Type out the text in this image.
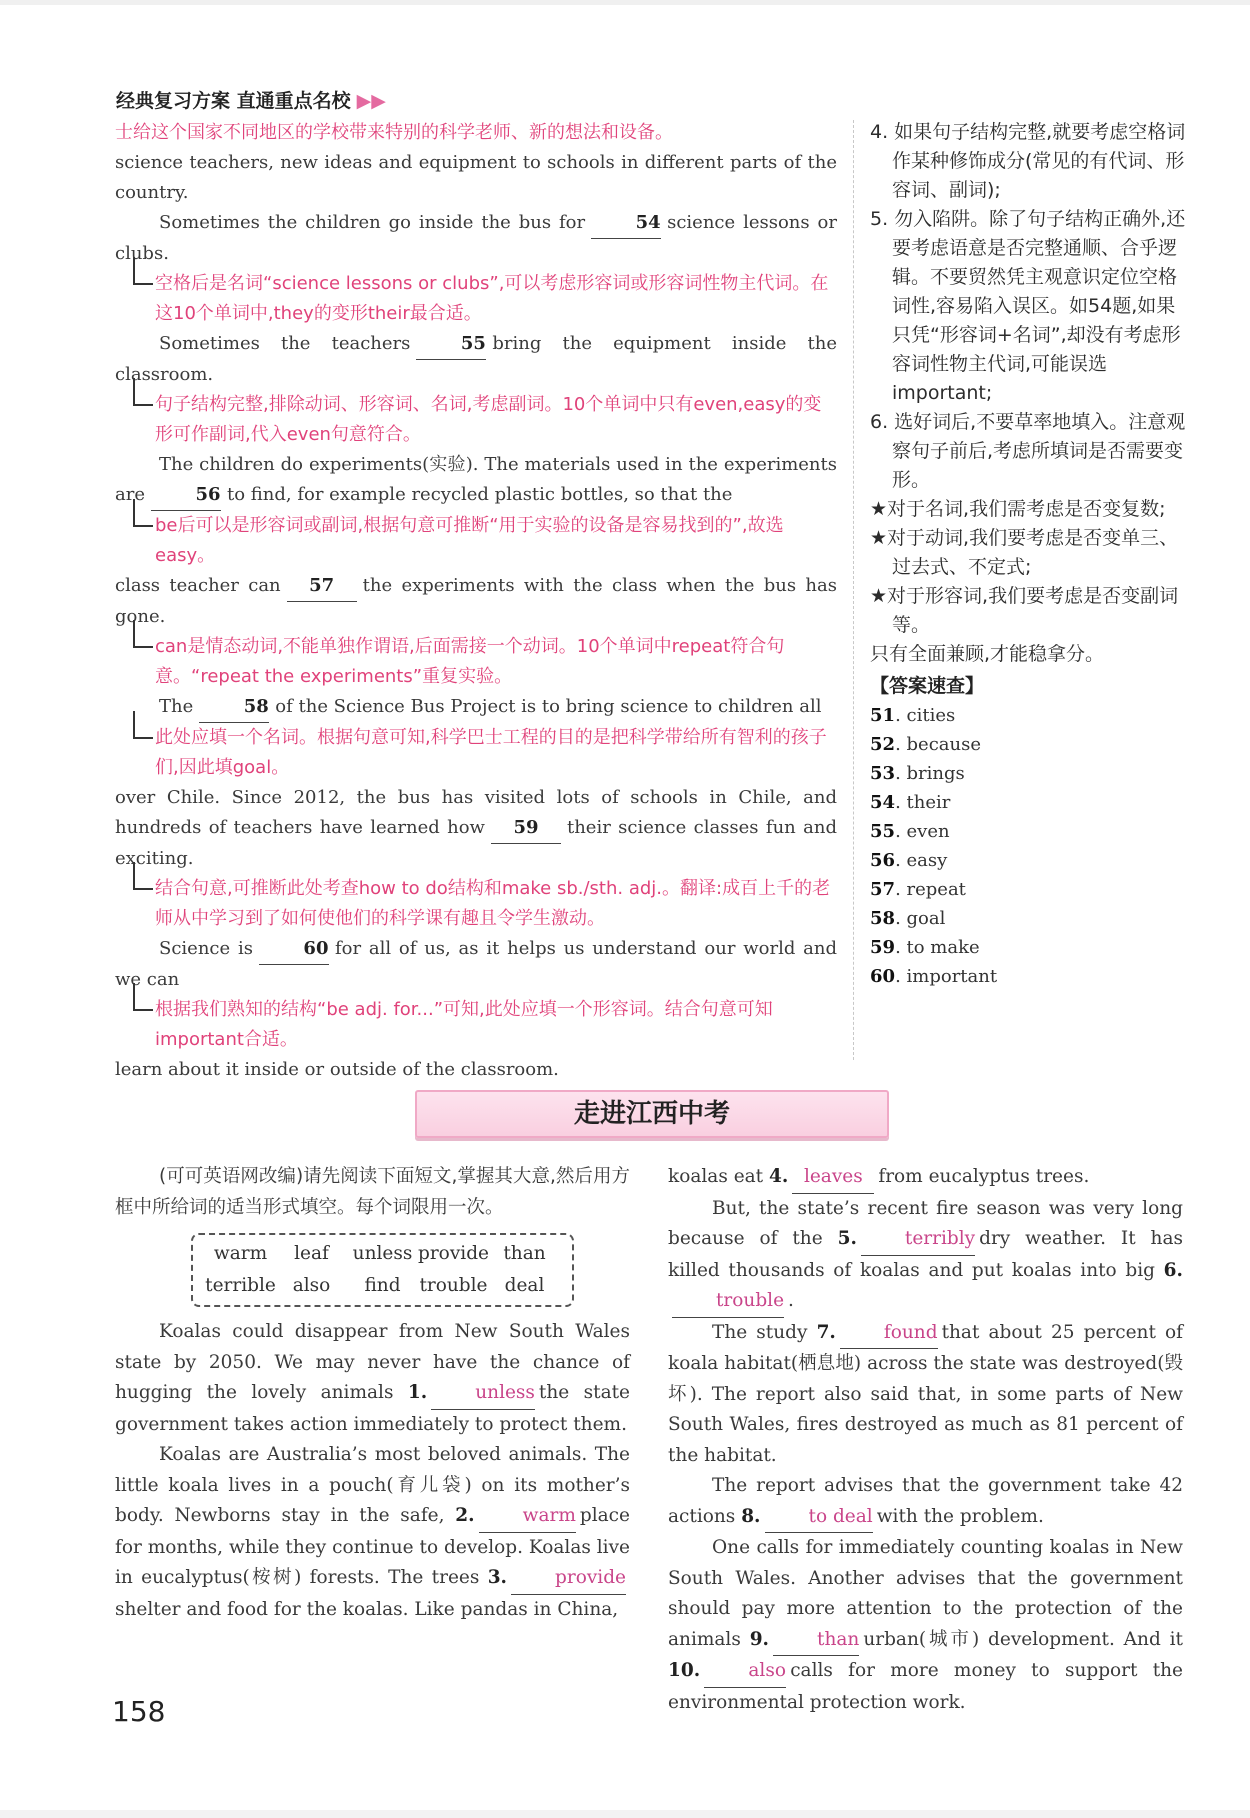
经典复习方案 直通重点名校 ▶▶

士给这个国家不同地区的学校带来特别的科学老师、新的想法和设备。

science teachers, new ideas and equipment to schools in different parts of the country.

Sometimes the children go inside the bus for	54 science lessons or clubs.

空格后是名词“science lessons or clubs”,可以考虑形容词或形容词性物主代词。在这10个单词中,they的变形their最合适。

Sometimes the teachers	55 bring the equipment inside the classroom.

句子结构完整,排除动词、形容词、名词,考虑副词。10个单词中只有even,easy的变形可作副词,代入even句意符合。

The children do experiments(实验). The materials used in the experiments are	56 to find, for example recycled plastic bottles, so that the

be后可以是形容词或副词,根据句意可推断“用于实验的设备是容易找到的”,故选easy。

class teacher can 57 the experiments with the class when the bus has gone.

can是情态动词,不能单独作谓语,后面需接一个动词。10个单词中repeat符合句意。“repeat the experiments”重复实验。

The	58 of the Science Bus Project is to bring science to children all

此处应填一个名词。根据句意可知,科学巴士工程的目的是把科学带给所有智利的孩子们,因此填goal。

over Chile. Since 2012, the bus has visited lots of schools in Chile, and hundreds of teachers have learned how 59 their science classes fun and exciting.

结合句意,可推断此处考查how to do结构和make sb./sth. adj.。翻译:成百上千的老师从中学习到了如何使他们的科学课有趣且令学生激动。

Science is	60 for all of us, as it helps us understand our world and we can

根据我们熟知的结构“be adj. for...”可知,此处应填一个形容词。结合句意可知important合适。

learn about it inside or outside of the classroom.

4. 如果句子结构完整,就要考虑空格词作某种修饰成分(常见的有代词、形容词、副词);

5. 勿入陷阱。除了句子结构正确外,还要考虑语意是否完整通顺、合乎逻辑。不要贸然凭主观意识定位空格词性,容易陷入误区。如54题,如果只凭“形容词+名词”,却没有考虑形容词性物主代词,可能误选important;

6. 选好词后,不要草率地填入。注意观察句子前后,考虑所填词是否需要变形。

★对于名词,我们需考虑是否变复数;

★对于动词,我们要考虑是否变单三、过去式、不定式;

★对于形容词,我们要考虑是否变副词等。

只有全面兼顾,才能稳拿分。

【答案速查】

51. cities

52. because

53. brings

54. their

55. even

56. easy

57. repeat

58. goal

59. to make

60. important

走进江西中考

(可可英语网改编)请先阅读下面短文,掌握其大意,然后用方框中所给词的适当形式填空。每个词限用一次。

warm	leaf	unless provide than
terrible also	find	trouble deal

Koalas could disappear from New South Wales state by 2050. We may never have the chance of hugging the lovely animals 1.	unless the state government takes action immediately to protect them.

Koalas are Australia’s most beloved animals. The little koala lives in a pouch(育儿袋) on its mother’s body. Newborns stay in the safe, 2.	warm place for months, while they continue to develop. Koalas live in eucalyptus(桉树) forests. The trees 3.	provideshelter and food for the koalas. Like pandas in China,

koalas eat 4. leaves from eucalyptus trees.

But, the state’s recent fire season was very long because of the 5.	terribly dry weather. It has killed thousands of koalas and put koalas into big 6.trouble .

The study 7.	found that about 25 percent of koala habitat(栖息地) across the state was destroyed(毁坏). The report also said that, in some parts of New South Wales, fires destroyed as much as 81 percent of the habitat.

The report advises that the government take 42 actions 8.	to deal with the problem.

One calls for immediately counting koalas in New South Wales. Another advises that the government should pay more attention to the protection of the animals 9.	than urban(城市) development. And it 10.	also calls for more money to support the environmental protection work.

158
